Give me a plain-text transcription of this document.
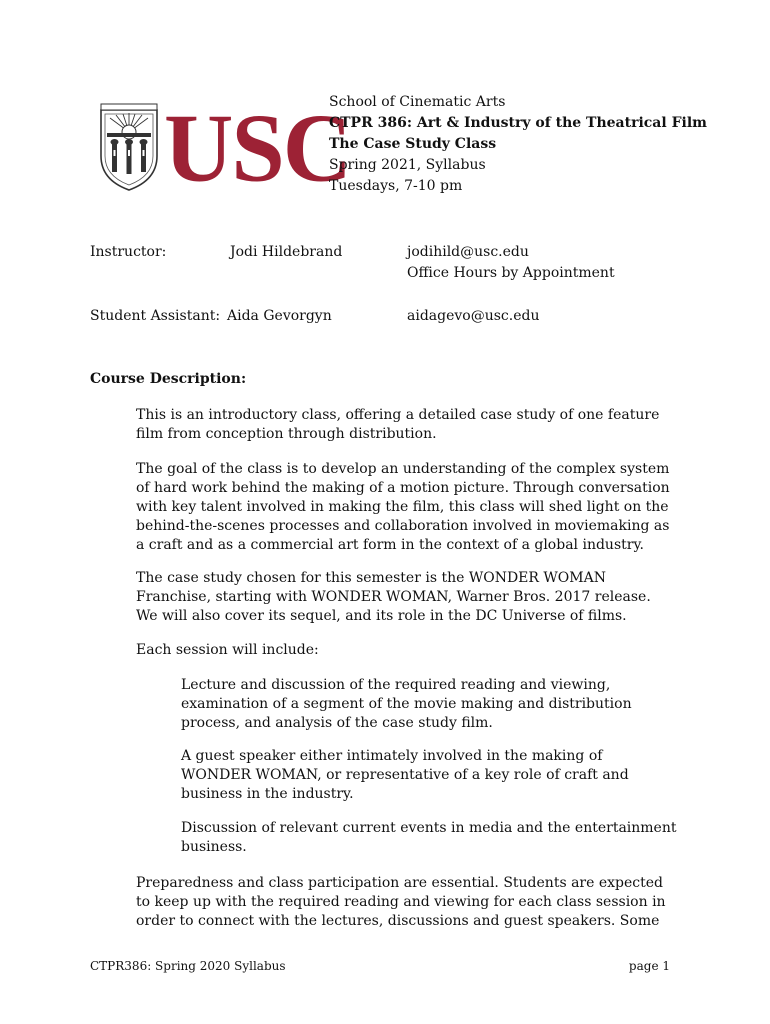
USC
School of Cinematic Arts
CTPR 386: Art & Industry of the Theatrical Film
The Case Study Class
Spring 2021, Syllabus
Tuesdays, 7-10 pm
Instructor:	Jodi Hildebrand	jodihild@usc.edu
Office Hours by Appointment
Student Assistant: Aida Gevorgyn	aidagevo@usc.edu
Course Description:
This is an introductory class, offering a detailed case study of one feature
film from conception through distribution.
The goal of the class is to develop an understanding of the complex system
of hard work behind the making of a motion picture. Through conversation
with key talent involved in making the film, this class will shed light on the
behind-the-scenes processes and collaboration involved in moviemaking as
a craft and as a commercial art form in the context of a global industry.
The case study chosen for this semester is the WONDER WOMAN
Franchise, starting with WONDER WOMAN, Warner Bros. 2017 release.
We will also cover its sequel, and its role in the DC Universe of films.
Each session will include:
Lecture and discussion of the required reading and viewing,
examination of a segment of the movie making and distribution
process, and analysis of the case study film.
A guest speaker either intimately involved in the making of
WONDER WOMAN, or representative of a key role of craft and
business in the industry.
Discussion of relevant current events in media and the entertainment
business.
Preparedness and class participation are essential. Students are expected
to keep up with the required reading and viewing for each class session in
order to connect with the lectures, discussions and guest speakers. Some
CTPR386: Spring 2020 Syllabus	page 1
